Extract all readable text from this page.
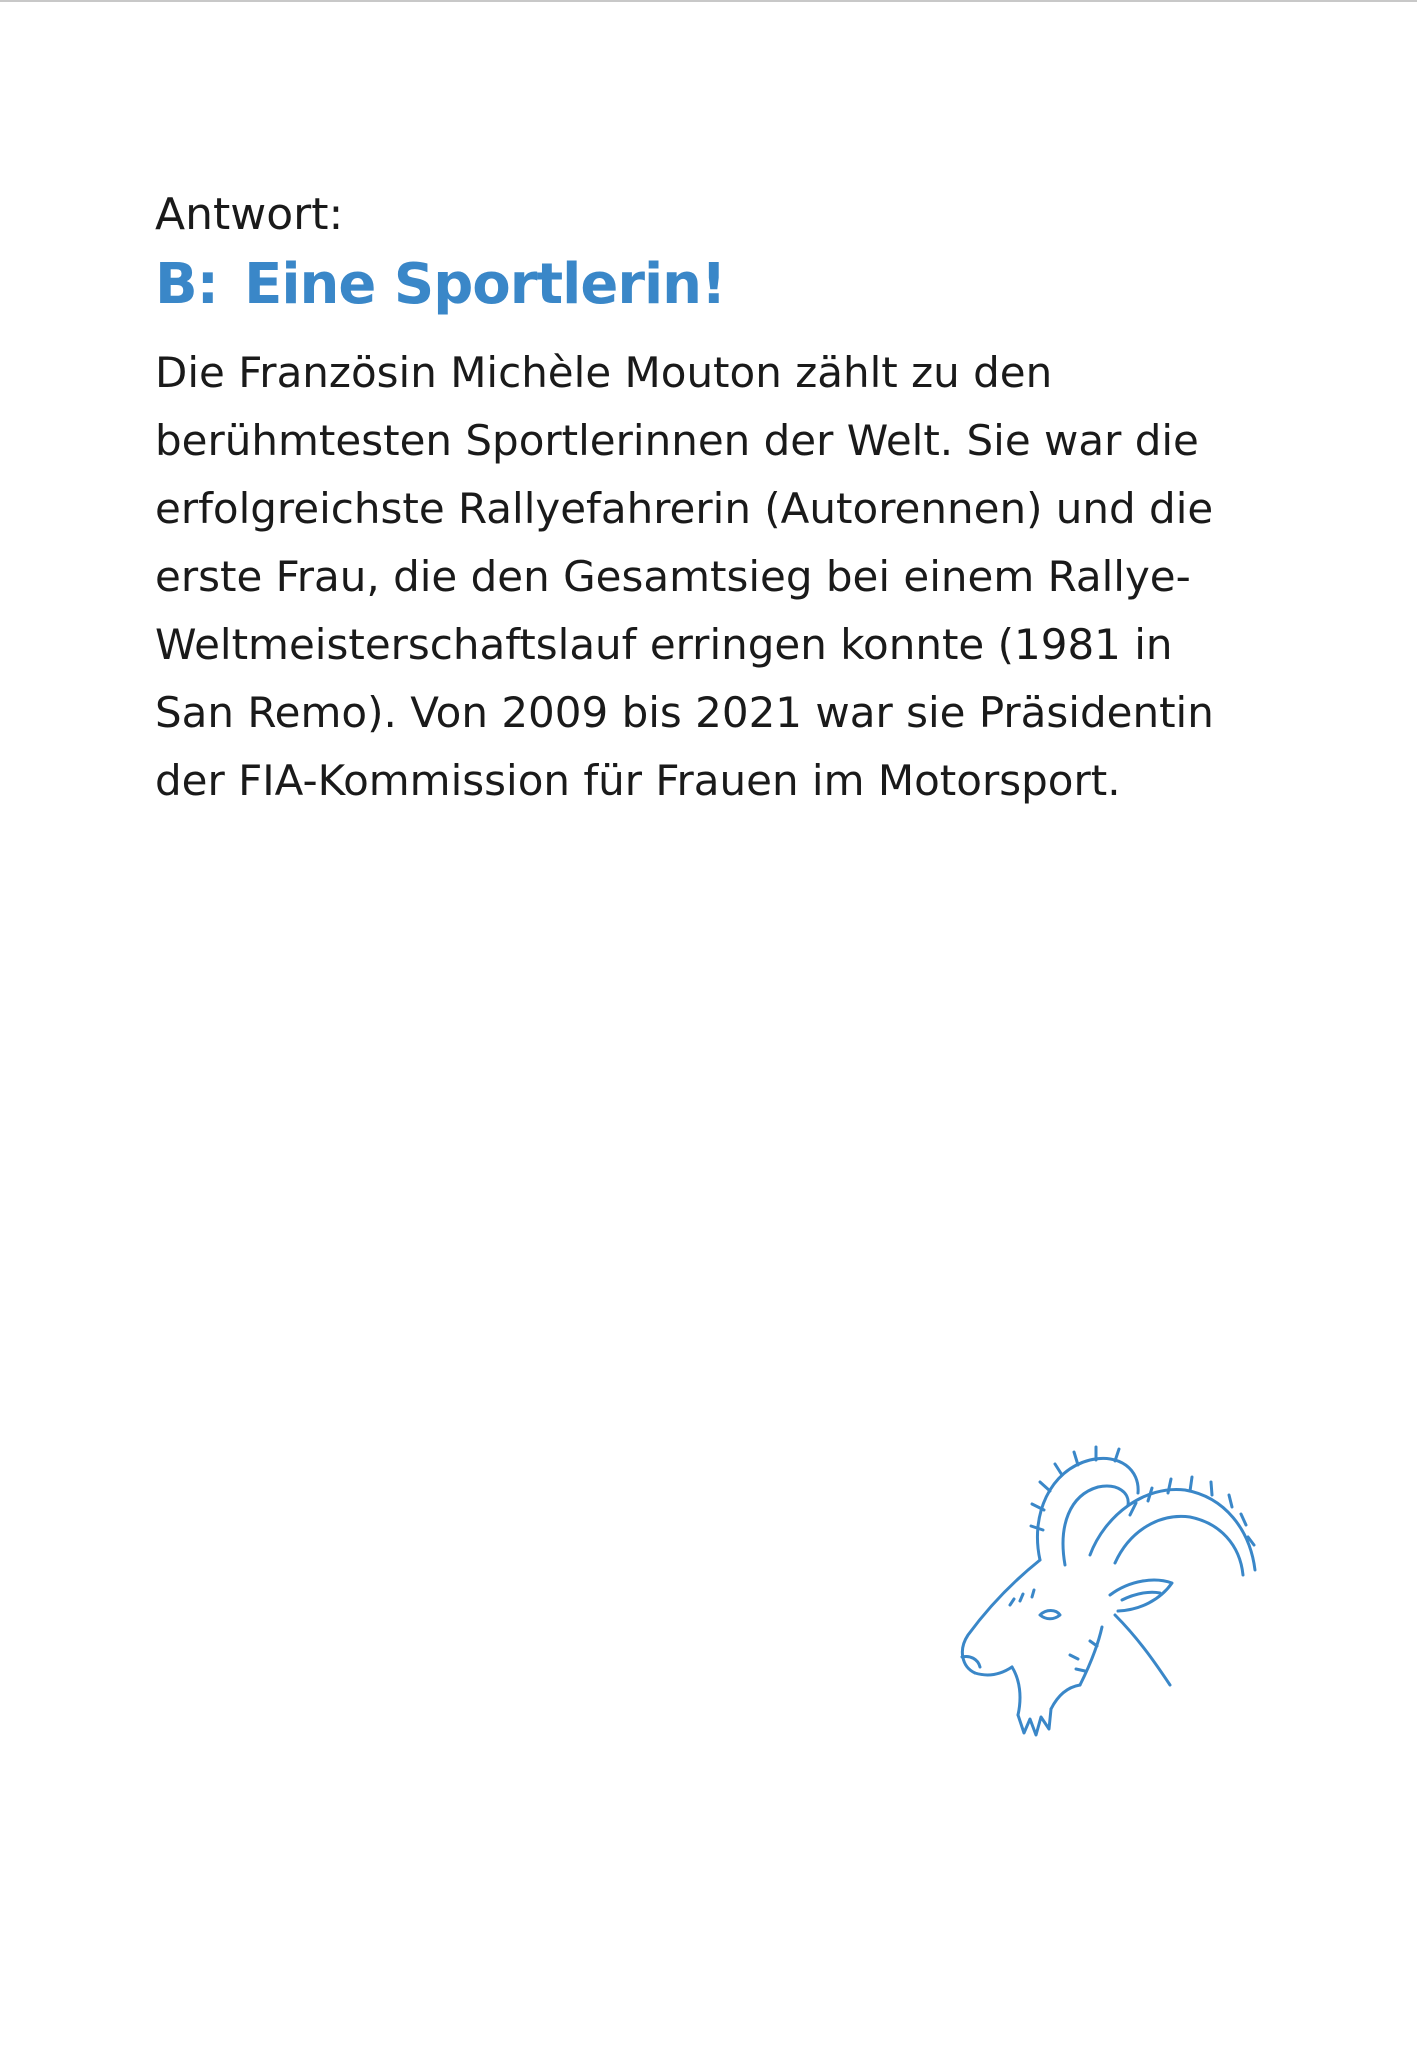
Antwort:

B: Eine Sportlerin!

Die Französin Michèle Mouton zählt zu den
berühmtesten Sportlerinnen der Welt. Sie war die
erfolgreichste Rallyefahrerin (Autorennen) und die
erste Frau, die den Gesamtsieg bei einem Rallye-
Weltmeisterschaftslauf erringen konnte (1981 in
San Remo). Von 2009 bis 2021 war sie Präsidentin
der FIA-Kommission für Frauen im Motorsport.
